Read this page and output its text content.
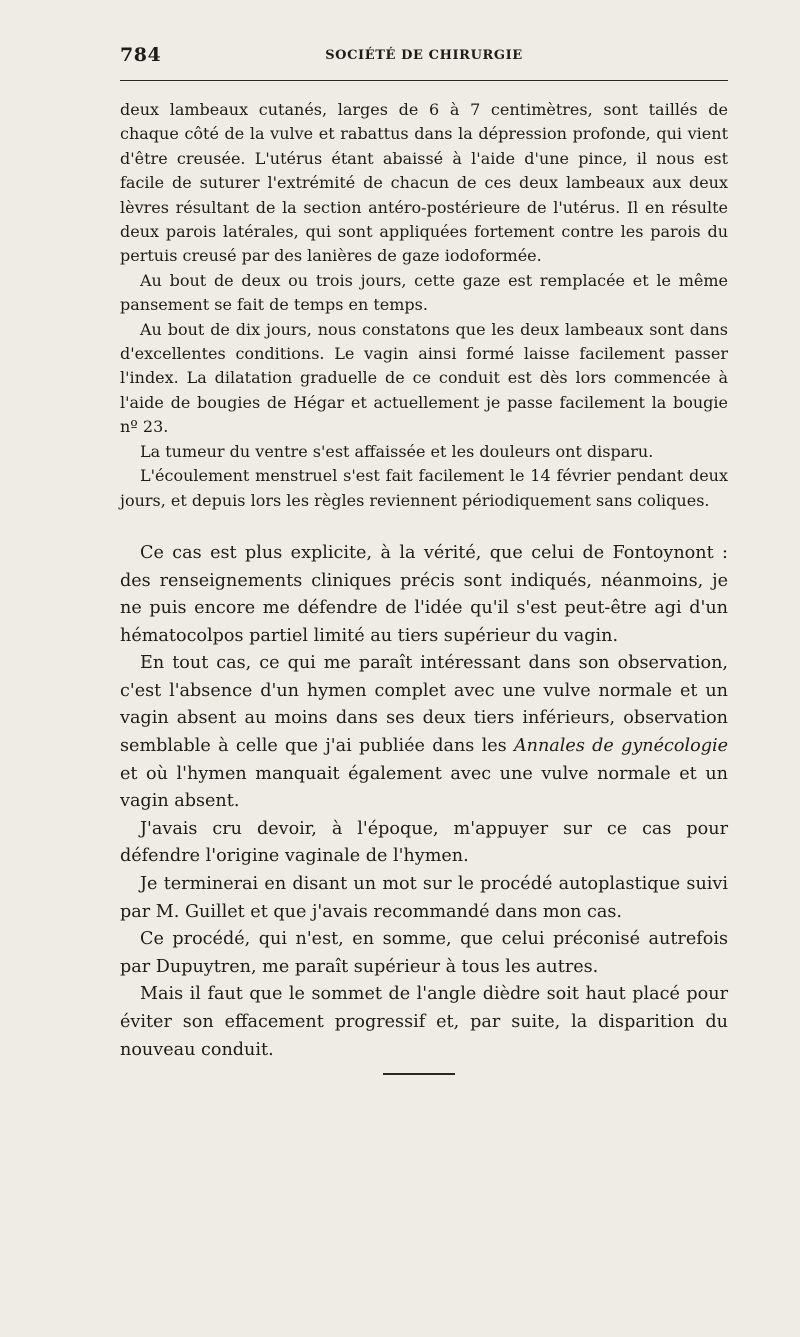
784	SOCIÉTÉ DE CHIRURGIE

deux lambeaux cutanés, larges de 6 à 7 centimètres, sont taillés de chaque côté de la vulve et rabattus dans la dépression profonde, qui vient d'être creusée. L'utérus étant abaissé à l'aide d'une pince, il nous est facile de suturer l'extrémité de chacun de ces deux lambeaux aux deux lèvres résultant de la section antéro-postérieure de l'utérus. Il en résulte deux parois latérales, qui sont appliquées fortement contre les parois du pertuis creusé par des lanières de gaze iodoformée.

Au bout de deux ou trois jours, cette gaze est remplacée et le même pansement se fait de temps en temps.

Au bout de dix jours, nous constatons que les deux lambeaux sont dans d'excellentes conditions. Le vagin ainsi formé laisse facilement passer l'index. La dilatation graduelle de ce conduit est dès lors commencée à l'aide de bougies de Hégar et actuellement je passe facilement la bougie nº 23.

La tumeur du ventre s'est affaissée et les douleurs ont disparu.

L'écoulement menstruel s'est fait facilement le 14 février pendant deux jours, et depuis lors les règles reviennent périodiquement sans coliques.

Ce cas est plus explicite, à la vérité, que celui de Fontoynont : des renseignements cliniques précis sont indiqués, néanmoins, je ne puis encore me défendre de l'idée qu'il s'est peut-être agi d'un hématocolpos partiel limité au tiers supérieur du vagin.

En tout cas, ce qui me paraît intéressant dans son observation, c'est l'absence d'un hymen complet avec une vulve normale et un vagin absent au moins dans ses deux tiers inférieurs, observation semblable à celle que j'ai publiée dans les Annales de gynécologie et où l'hymen manquait également avec une vulve normale et un vagin absent.

J'avais cru devoir, à l'époque, m'appuyer sur ce cas pour défendre l'origine vaginale de l'hymen.

Je terminerai en disant un mot sur le procédé autoplastique suivi par M. Guillet et que j'avais recommandé dans mon cas.

Ce procédé, qui n'est, en somme, que celui préconisé autrefois par Dupuytren, me paraît supérieur à tous les autres.

Mais il faut que le sommet de l'angle dièdre soit haut placé pour éviter son effacement progressif et, par suite, la disparition du nouveau conduit.
